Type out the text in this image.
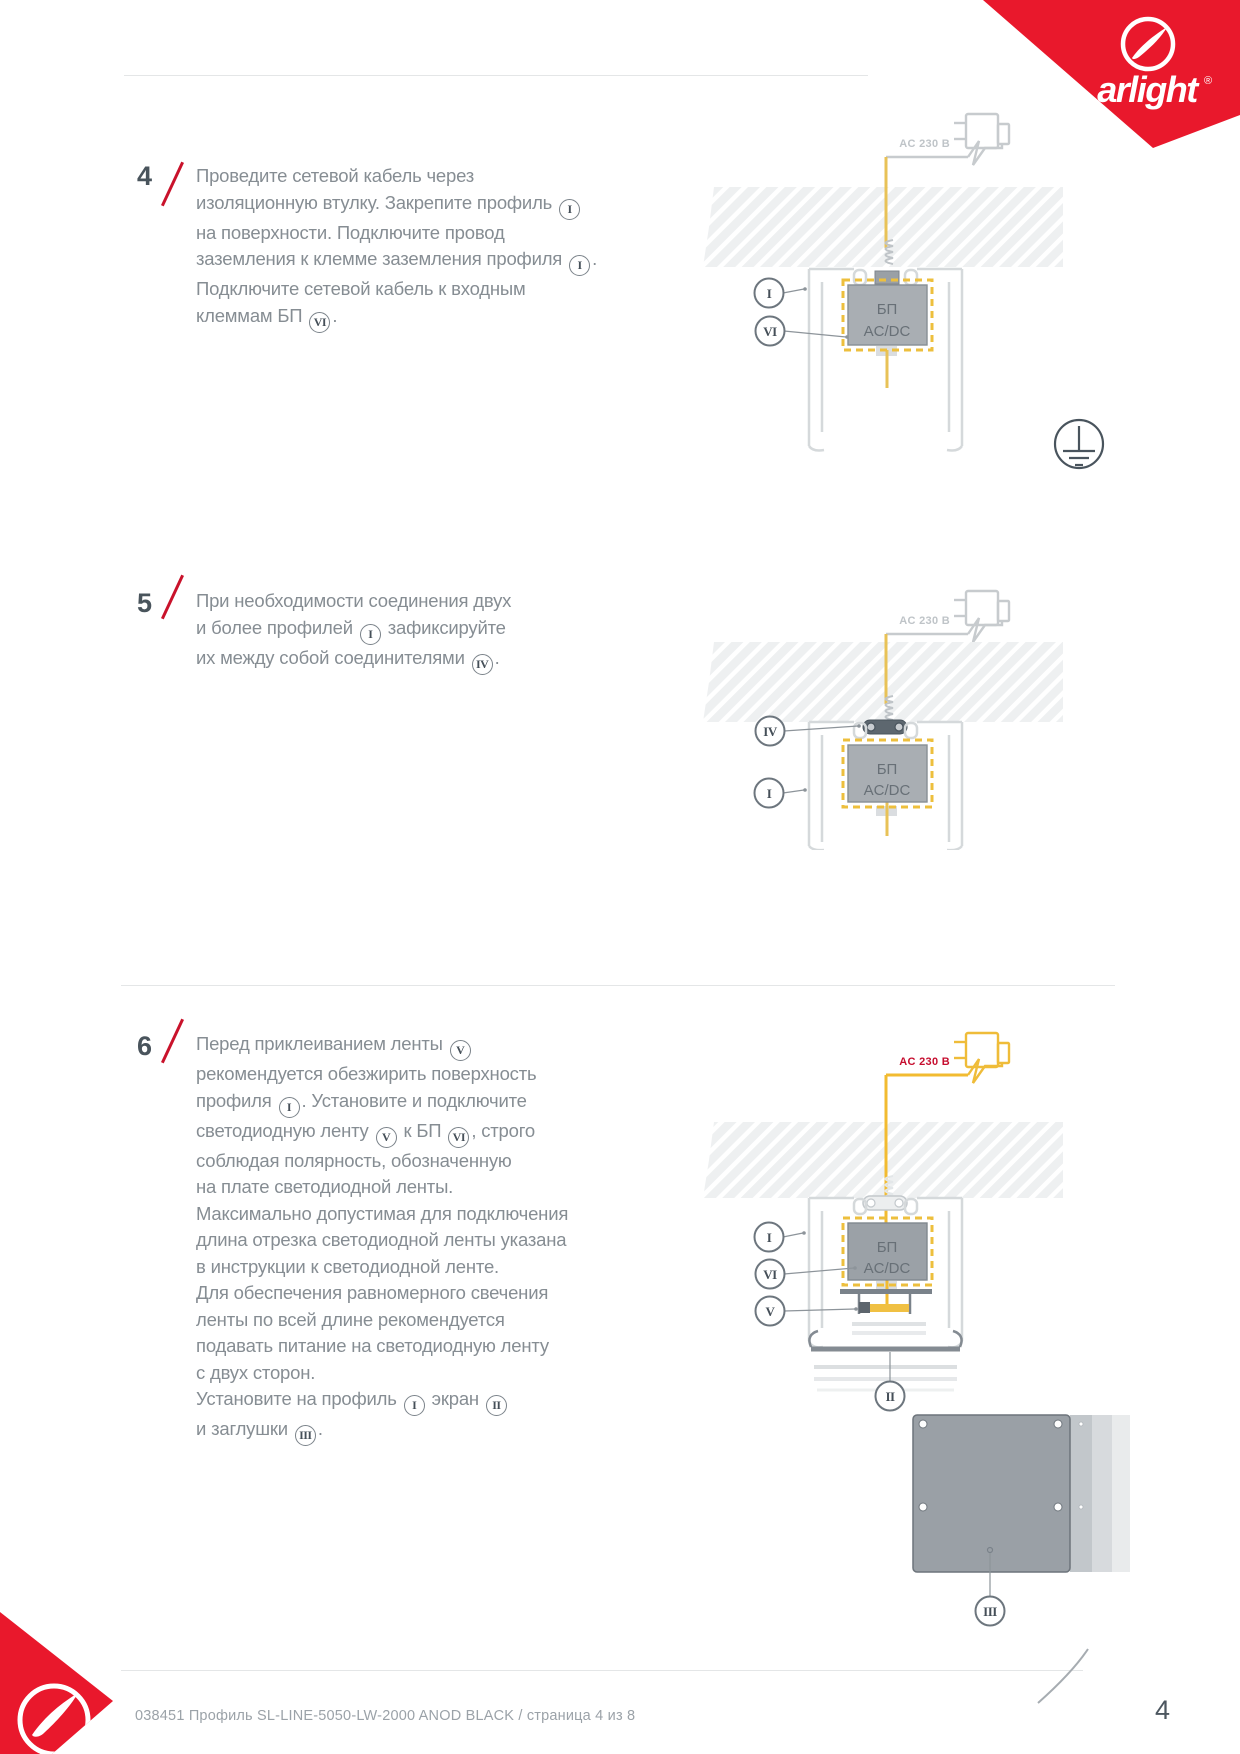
arlight ®
4 Проведите сетевой кабель через
изоляционную втулку. Закрепите профиль I
на поверхности. Подключите провод
заземления к клемме заземления профиля I .
Подключите сетевой кабель к входным
клеммам БП VI .
AC 230 В
БП
AC/DC
I
VI
5 При необходимости соединения двух
и более профилей I зафиксируйте
их между собой соединителями IV .
AC 230 В
БП
AC/DC
IV
I
6 Перед приклеиванием ленты V
рекомендуется обезжирить поверхность
профиля I . Установите и подключите
светодиодную ленту V к БП VI , строго
соблюдая полярность, обозначенную
на плате светодиодной ленты.
Максимально допустимая для подключения
длина отрезка светодиодной ленты указана
в инструкции к светодиодной ленте.
Для обеспечения равномерного свечения
ленты по всей длине рекомендуется
подавать питание на светодиодную ленту
с двух сторон.
Установите на профиль I экран II
и заглушки III .
AC 230 В
БП
AC/DC
I
VI
V
II
III
038451 Профиль SL-LINE-5050-LW-2000 ANOD BLACK / страница 4 из 8	4
